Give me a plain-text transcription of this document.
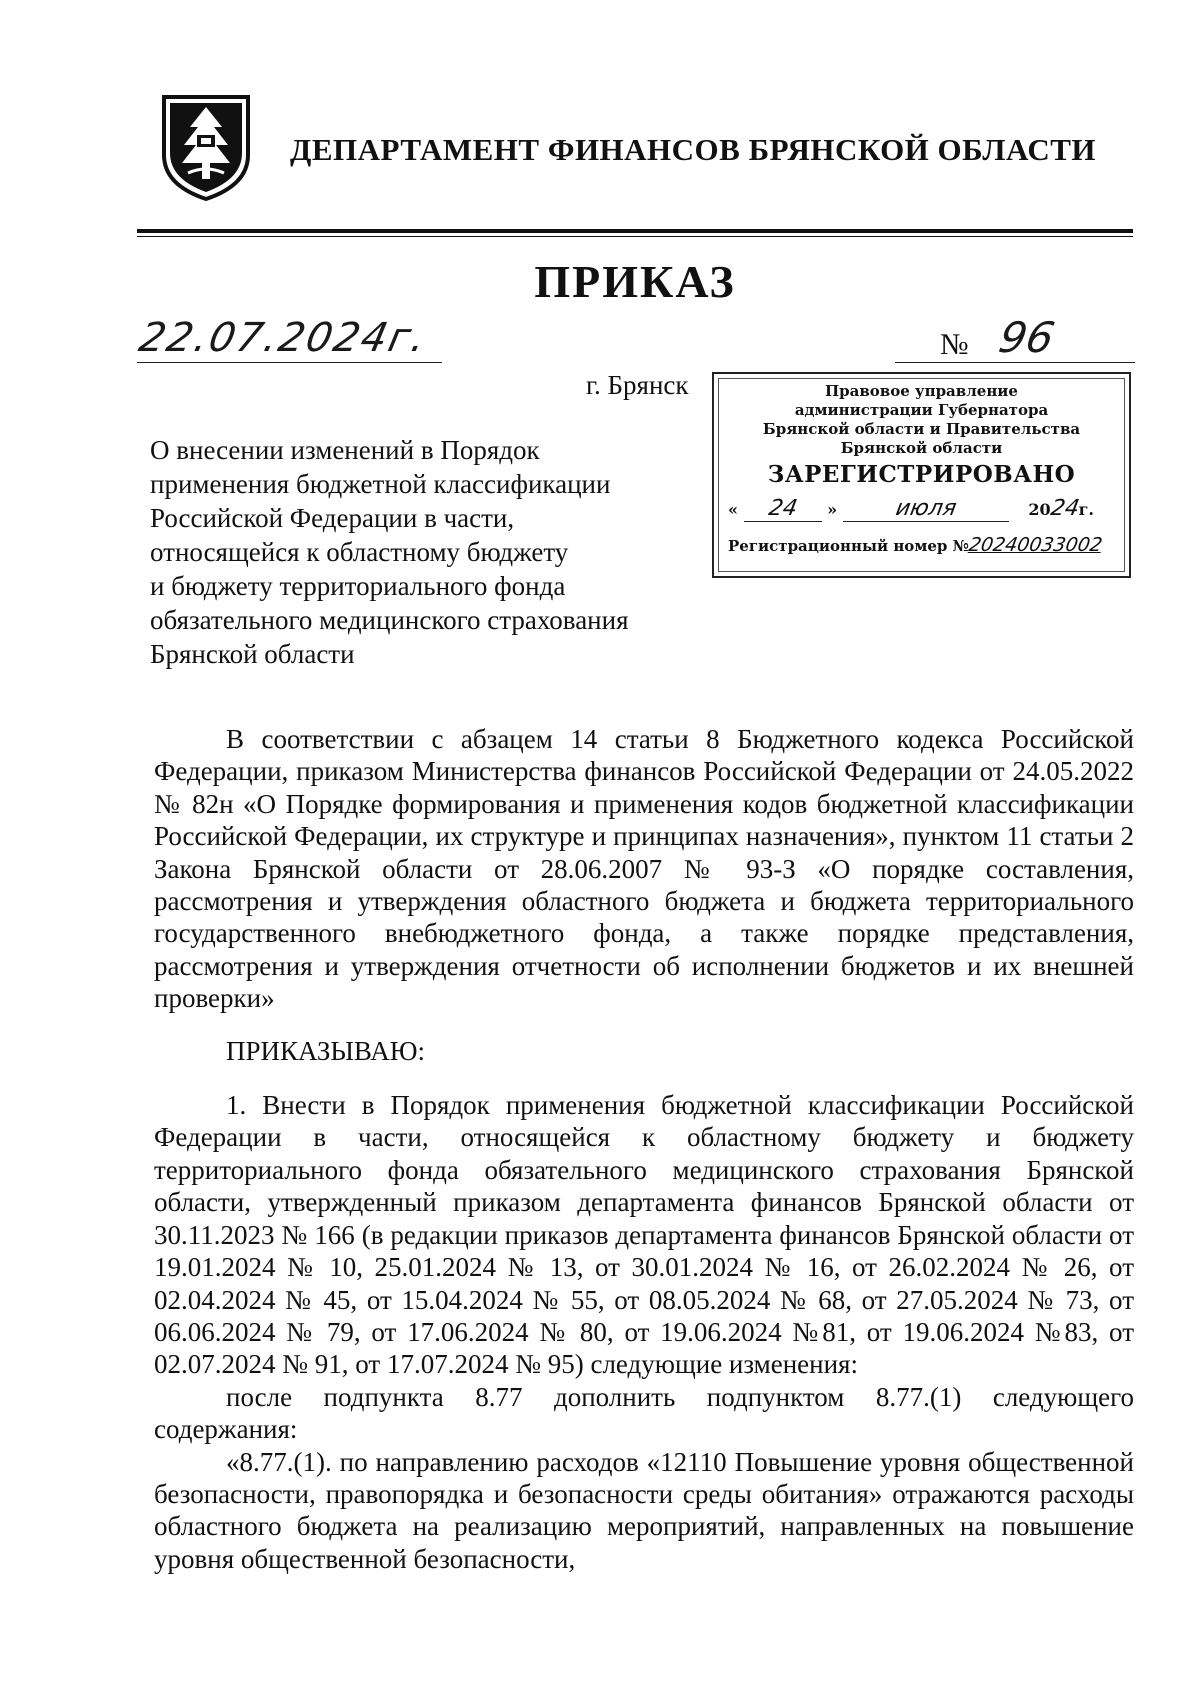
ДЕПАРТАМЕНТ ФИНАНСОВ БРЯНСКОЙ ОБЛАСТИ
ПРИКАЗ
22.07.2024г.	№ 96
г. Брянск
О внесении изменений в Порядок
применения бюджетной классификации
Российской Федерации в части,
относящейся к областному бюджету
и бюджету территориального фонда
обязательного медицинского страхования
Брянской области
Правовое управление
администрации Губернатора
Брянской области и Правительства
Брянской области
ЗАРЕГИСТРИРОВАНО
« 24 »	июля	2024г.
Регистрационный номер №20240033002

В соответствии с абзацем 14 статьи 8 Бюджетного кодекса Российской Федерации, приказом Министерства финансов Российской Федерации от 24.05.2022 № 82н «О Порядке формирования и применения кодов бюджетной классификации Российской Федерации, их структуре и принципах назначения», пунктом 11 статьи 2 Закона Брянской области от 28.06.2007 № 93-З «О порядке составления, рассмотрения и утверждения областного бюджета и бюджета территориального государственного внебюджетного фонда, а также порядке представления, рассмотрения и утверждения отчетности об исполнении бюджетов и их внешней проверки»

ПРИКАЗЫВАЮ:

1. Внести в Порядок применения бюджетной классификации Российской Федерации в части, относящейся к областному бюджету и бюджету территориального фонда обязательного медицинского страхования Брянской области, утвержденный приказом департамента финансов Брянской области от 30.11.2023 № 166 (в редакции приказов департамента финансов Брянской области от 19.01.2024 № 10, 25.01.2024 № 13, от 30.01.2024 № 16, от 26.02.2024 № 26, от 02.04.2024 № 45, от 15.04.2024 № 55, от 08.05.2024 № 68, от 27.05.2024 № 73, от 06.06.2024 № 79, от 17.06.2024 № 80, от 19.06.2024 №81, от 19.06.2024 №83, от 02.07.2024 № 91, от 17.07.2024 № 95) следующие изменения:

после подпункта 8.77 дополнить подпунктом 8.77.(1) следующего содержания:

«8.77.(1). по направлению расходов «12110 Повышение уровня общественной безопасности, правопорядка и безопасности среды обитания» отражаются расходы областного бюджета на реализацию мероприятий, направленных на повышение уровня общественной безопасности,
